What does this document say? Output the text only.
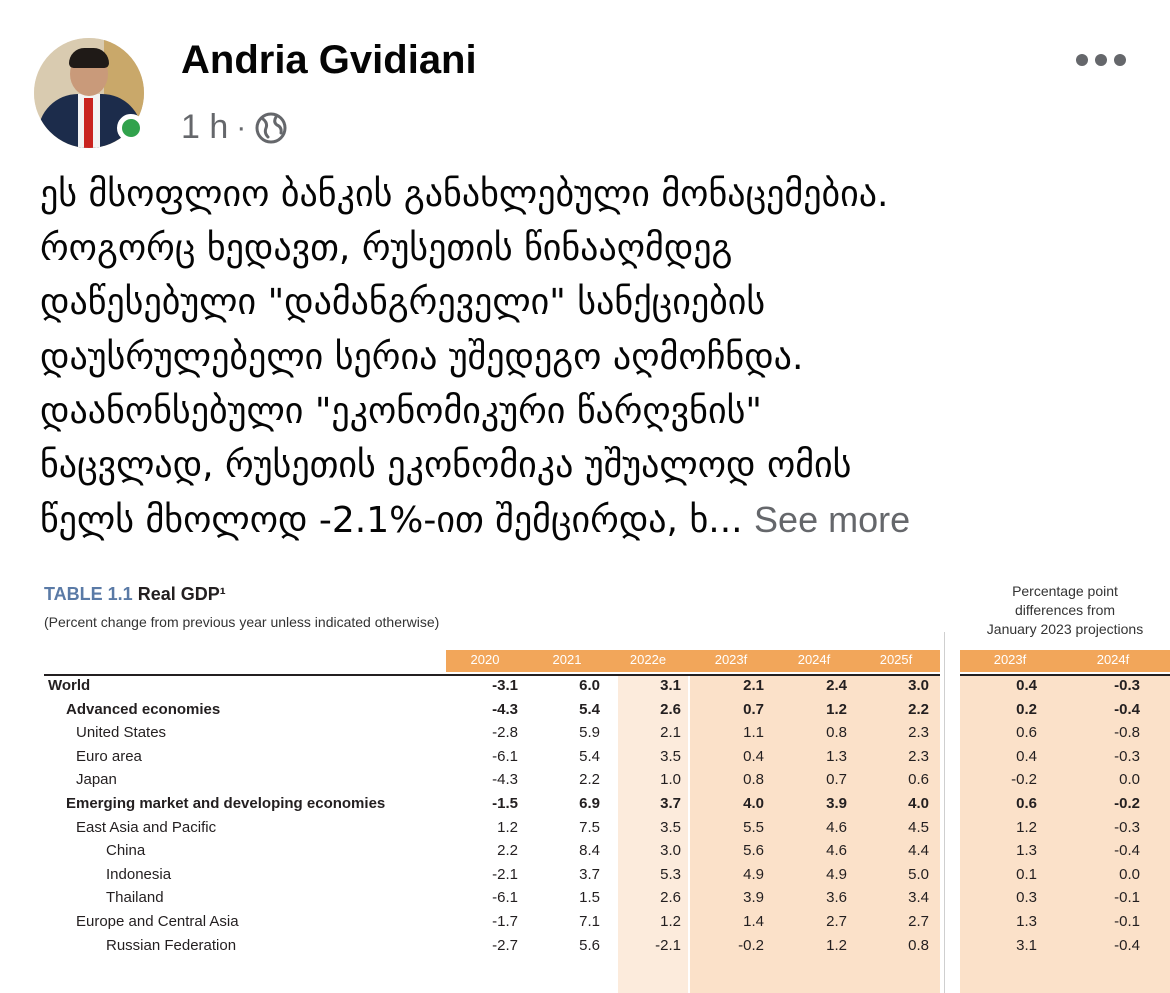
Andria Gvidiani
1 h ·
ეს მსოფლიო ბანკის განახლებული მონაცემებია.
როგორც ხედავთ, რუსეთის წინააღმდეგ
დაწესებული "დამანგრეველი" სანქციების
დაუსრულებელი სერია უშედეგო აღმოჩნდა.
დაანონსებული "ეკონომიკური წარღვნის"
ნაცვლად, რუსეთის ეკონომიკა უშუალოდ ომის
წელს მხოლოდ -2.1%-ით შემცირდა, ხ... See more
TABLE 1.1 Real GDP¹
(Percent change from previous year unless indicated otherwise)
Percentage point
differences from
January 2023 projections
2020	2021	2022e	2023f	2024f	2025f	2023f	2024f
World	-3.1	6.0	3.1	2.1	2.4	3.0	0.4	-0.3
Advanced economies	-4.3	5.4	2.6	0.7	1.2	2.2	0.2	-0.4
United States	-2.8	5.9	2.1	1.1	0.8	2.3	0.6	-0.8
Euro area	-6.1	5.4	3.5	0.4	1.3	2.3	0.4	-0.3
Japan	-4.3	2.2	1.0	0.8	0.7	0.6	-0.2	0.0
Emerging market and developing economies	-1.5	6.9	3.7	4.0	3.9	4.0	0.6	-0.2
East Asia and Pacific	1.2	7.5	3.5	5.5	4.6	4.5	1.2	-0.3
China	2.2	8.4	3.0	5.6	4.6	4.4	1.3	-0.4
Indonesia	-2.1	3.7	5.3	4.9	4.9	5.0	0.1	0.0
Thailand	-6.1	1.5	2.6	3.9	3.6	3.4	0.3	-0.1
Europe and Central Asia	-1.7	7.1	1.2	1.4	2.7	2.7	1.3	-0.1
Russian Federation	-2.7	5.6	-2.1	-0.2	1.2	0.8	3.1	-0.4
